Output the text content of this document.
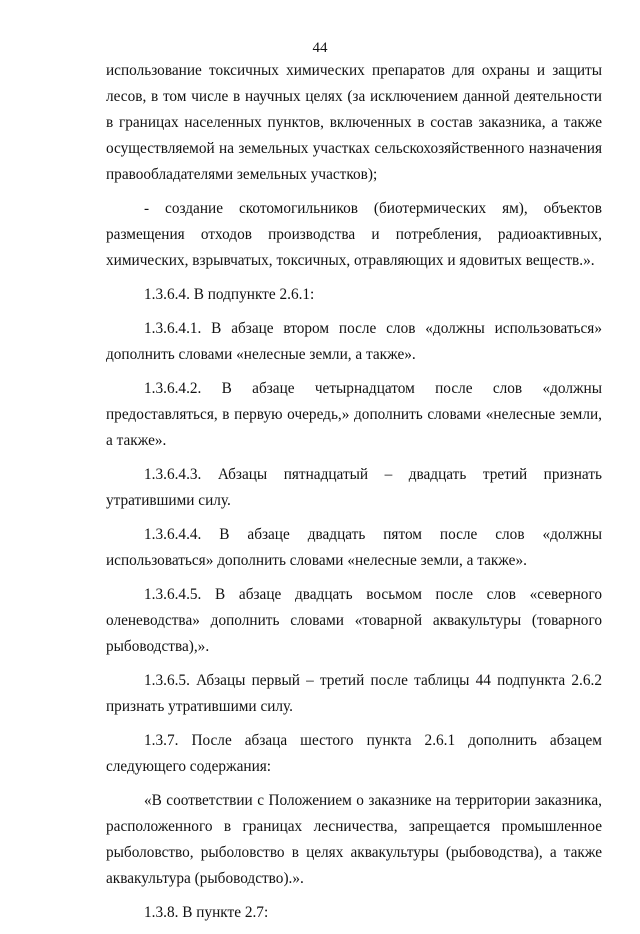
44

использование токсичных химических препаратов для охраны и защиты лесов, в том числе в научных целях (за исключением данной деятельности в границах населенных пунктов, включенных в состав заказника, а также осуществляемой на земельных участках сельскохозяйственного назначения правообладателями земельных участков);

- создание скотомогильников (биотермических ям), объектов размещения отходов производства и потребления, радиоактивных, химических, взрывчатых, токсичных, отравляющих и ядовитых веществ.».

1.3.6.4. В подпункте 2.6.1:

1.3.6.4.1. В абзаце втором после слов «должны использоваться» дополнить словами «нелесные земли, а также».

1.3.6.4.2. В абзаце четырнадцатом после слов «должны предоставляться, в первую очередь,» дополнить словами «нелесные земли, а также».

1.3.6.4.3. Абзацы пятнадцатый – двадцать третий признать утратившими силу.

1.3.6.4.4. В абзаце двадцать пятом после слов «должны использоваться» дополнить словами «нелесные земли, а также».

1.3.6.4.5. В абзаце двадцать восьмом после слов «северного оленеводства» дополнить словами «товарной аквакультуры (товарного рыбоводства),».

1.3.6.5. Абзацы первый – третий после таблицы 44 подпункта 2.6.2 признать утратившими силу.

1.3.7. После абзаца шестого пункта 2.6.1 дополнить абзацем следующего содержания:

«В соответствии с Положением о заказнике на территории заказника, расположенного в границах лесничества, запрещается промышленное рыболовство, рыболовство в целях аквакультуры (рыбоводства), а также аквакультура (рыбоводство).».

1.3.8. В пункте 2.7:
